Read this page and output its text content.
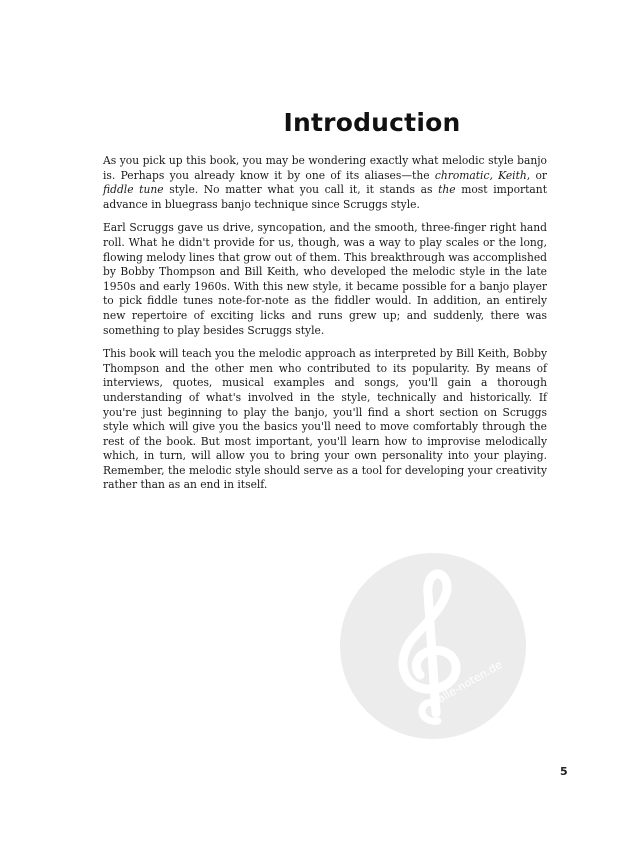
Introduction

As you pick up this book, you may be wondering exactly what melodic style banjo is. Perhaps you already know it by one of its aliases—the chromatic, Keith, or fiddle tune style. No matter what you call it, it stands as the most important advance in bluegrass banjo technique since Scruggs style.

Earl Scruggs gave us drive, syncopation, and the smooth, three-finger right hand roll. What he didn't provide for us, though, was a way to play scales or the long, flowing melody lines that grow out of them. This breakthrough was accomplished by Bobby Thompson and Bill Keith, who developed the melodic style in the late 1950s and early 1960s. With this new style, it became possible for a banjo player to pick fiddle tunes note-for-note as the fiddler would. In addition, an entirely new repertoire of exciting licks and runs grew up; and suddenly, there was something to play besides Scruggs style.

This book will teach you the melodic approach as interpreted by Bill Keith, Bobby Thompson and the other men who contributed to its popularity. By means of interviews, quotes, musical examples and songs, you'll gain a thorough understanding of what's involved in the style, technically and historically. If you're just beginning to play the banjo, you'll find a short section on Scruggs style which will give you the basics you'll need to move comfortably through the rest of the book. But most important, you'll learn how to improvise melodically which, in turn, will allow you to bring your own personality into your playing. Remember, the melodic style should serve as a tool for developing your creativity rather than as an end in itself.

alle-noten.de
5
